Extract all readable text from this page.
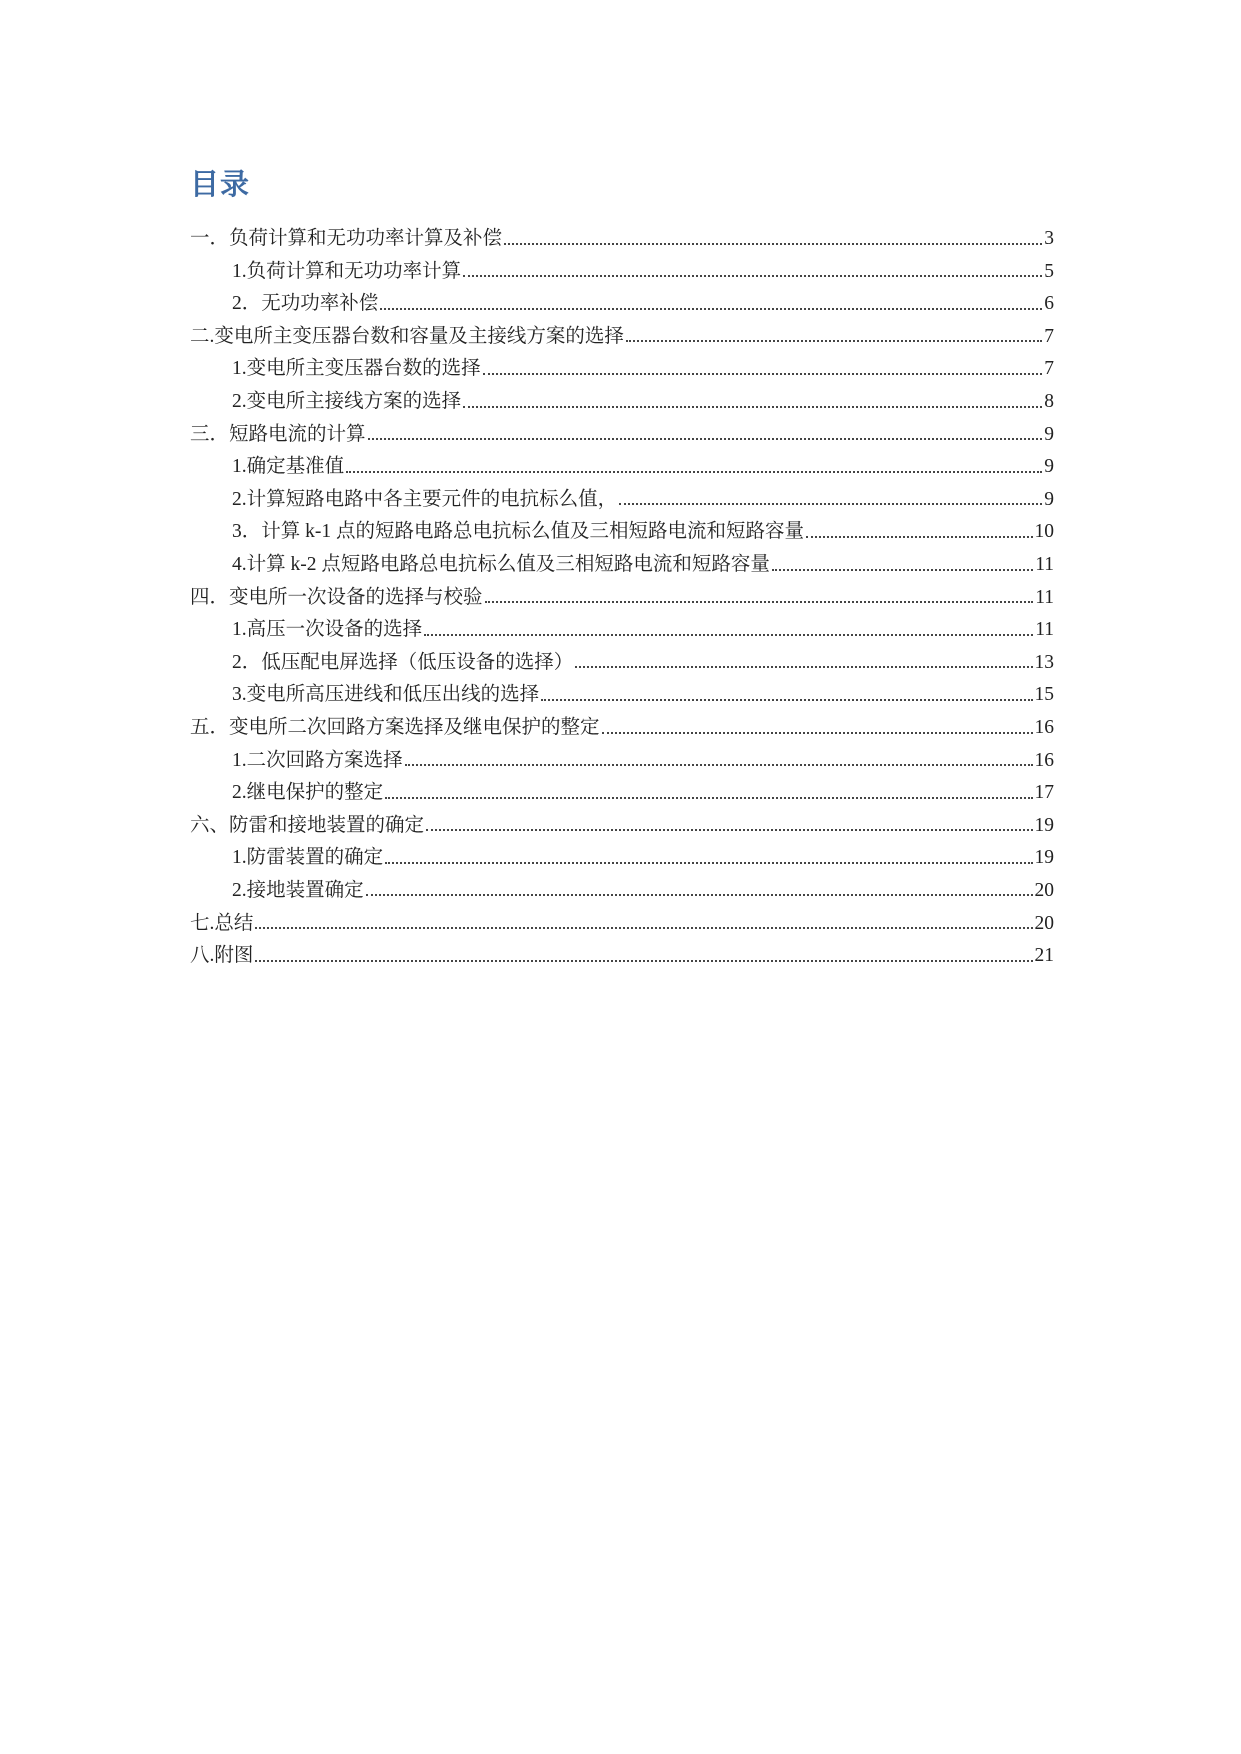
目录
一．负荷计算和无功功率计算及补偿	3
1.负荷计算和无功功率计算	5
2．无功功率补偿	6
二.变电所主变压器台数和容量及主接线方案的选择	7
1.变电所主变压器台数的选择	7
2.变电所主接线方案的选择	8
三．短路电流的计算	9
1.确定基准值	9
2.计算短路电路中各主要元件的电抗标么值，	9
3．计算 k-1 点的短路电路总电抗标么值及三相短路电流和短路容量	10
4.计算 k-2 点短路电路总电抗标么值及三相短路电流和短路容量	11
四．变电所一次设备的选择与校验	11
1.高压一次设备的选择	11
2．低压配电屏选择（低压设备的选择）	13
3.变电所高压进线和低压出线的选择	15
五．变电所二次回路方案选择及继电保护的整定	16
1.二次回路方案选择	16
2.继电保护的整定	17
六、防雷和接地装置的确定	19
1.防雷装置的确定	19
2.接地装置确定	20
七.总结	20
八.附图	21
